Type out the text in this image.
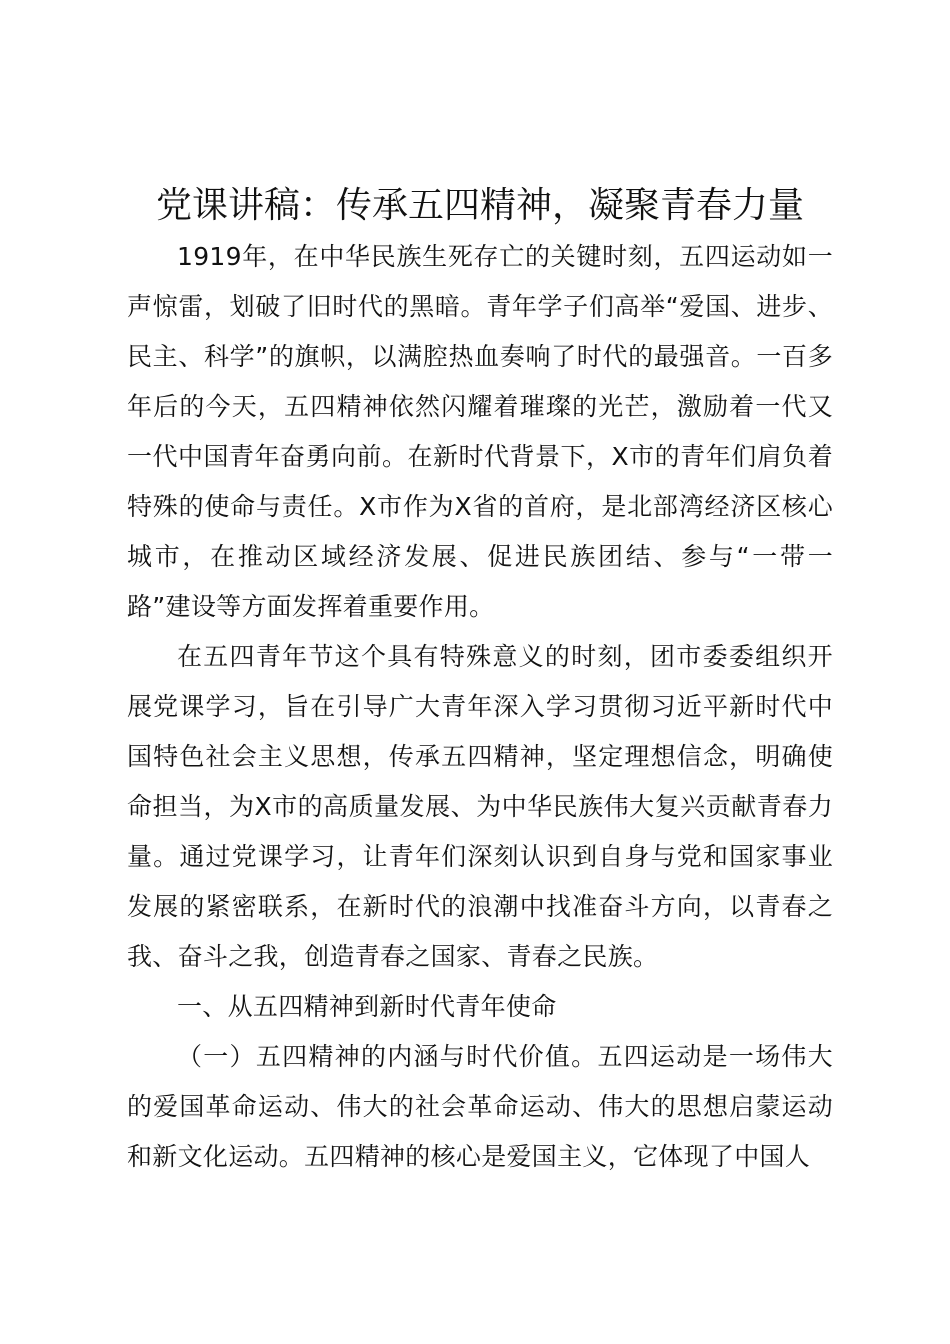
党课讲稿：传承五四精神，凝聚青春力量

1919年，在中华民族生死存亡的关键时刻，五四运动如一声惊雷，划破了旧时代的黑暗。青年学子们高举“爱国、进步、民主、科学”的旗帜，以满腔热血奏响了时代的最强音。一百多年后的今天，五四精神依然闪耀着璀璨的光芒，激励着一代又一代中国青年奋勇向前。在新时代背景下，X市的青年们肩负着特殊的使命与责任。X市作为X省的首府，是北部湾经济区核心城市，在推动区域经济发展、促进民族团结、参与“一带一路”建设等方面发挥着重要作用。

在五四青年节这个具有特殊意义的时刻，团市委委组织开展党课学习，旨在引导广大青年深入学习贯彻习近平新时代中国特色社会主义思想，传承五四精神，坚定理想信念，明确使命担当，为X市的高质量发展、为中华民族伟大复兴贡献青春力量。通过党课学习，让青年们深刻认识到自身与党和国家事业发展的紧密联系，在新时代的浪潮中找准奋斗方向，以青春之我、奋斗之我，创造青春之国家、青春之民族。

一、从五四精神到新时代青年使命

（一）五四精神的内涵与时代价值。五四运动是一场伟大的爱国革命运动、伟大的社会革命运动、伟大的思想启蒙运动和新文化运动。五四精神的核心是爱国主义，它体现了中国人
